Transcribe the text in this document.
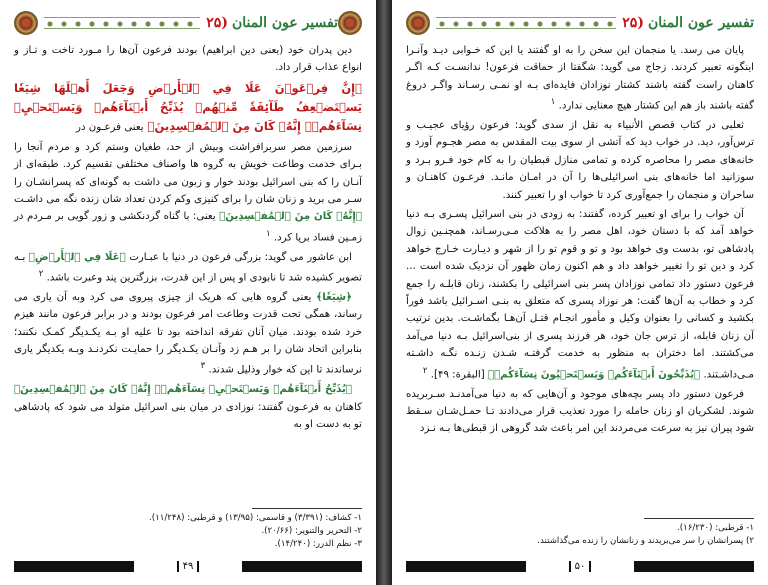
تفسیر عون المنان
(۲۵

دین پدران خود (یعنی دین ابراهیم) بودند فرعون آن‌ها را مـورد تاخت و تـاز و انواع عذاب قرار داد.

﴿إِنَّ فِرۡعَوۡنَ عَلَا فِي ٱلۡأَرۡضِ وَجَعَلَ أَهۡلَهَا شِيَعٗا يَسۡتَضۡعِفُ طَآئِفَةٗ مِّنۡهُمۡ يُذَبِّحُ أَبۡنَآءَهُمۡ وَيَسۡتَحۡيِۦ نِسَآءَهُمۡۚ إِنَّهُۥ كَانَ مِنَ ٱلۡمُفۡسِدِينَ﴾ یعنی فرعـون در

سرزمین مصر سربرافراشت وبیش از حد، طغیان وستم کرد و مردم آنجا را بـرای خدمت وطاعت خویش به گروه ها واصناف مختلفی تقسیم کرد. طبقه‌ای از آنـان را که بنی اسرائیل بودند خوار و زبون می داشت به گونه‌ای که پسرانشـان را سـر می برید و زنان شان را برای کنیزی وکم کردن تعداد شان زنده نگه می داشـت ﴿إِنَّهُۥ كَانَ مِنَ ٱلۡمُفۡسِدِينَ﴾ یعنی: با گناه گردنکشی و زور گویی بر مـردم در زمـین فساد برپا کرد. $^١$

ابن عاشور می گوید: بزرگی فرعون در دنیا با عبـارت ﴿عَلَا فِي ٱلۡأَرۡضِ﴾ بـه تصویر کشیده شد تا نابودی او پس از این قدرت، بزرگترین پند وعبرت باشد. $^٢$

﴿شِيَعٗا﴾ یعنی گروه هایی که هریک از چیزی پیروی می کرد وبه آن یاری می رساند، همگی تحت قدرت وطاعت امر فرعون بودند و در برابر فرعون مانند هیزم خرد شده بودند. میان آنان تفرقه انداخته بود تا علیه او بـه یکـدیگر کمـک نکنند؛ بنابراین اتحاد شان را بر هـم زد وآنـان یکـدیگر را حمایـت نکردنـد وبـه یکدیگر یاری نرساندند تا این که خوار وذلیل شدند. $^٣$

﴿يُذَبِّحُ أَبۡنَآءَهُمۡ وَيَسۡتَحۡيِۦ نِسَآءَهُمۡۚ إِنَّهُۥ كَانَ مِنَ ٱلۡمُفۡسِدِينَ﴾ کاهنان به فرعـون گفتند: نوزادی در میان بنی اسرائیل متولد می شود که پادشاهی تو به دست او به

۱- کشاف: (۳/۳۹۱) و قاسمی: (۱۳/۹۵) و قرطبی: (۱۱/۲۴۸).
۲- التحریر والتنویر: (۲۰/۶۶).
۳- نظم الدرر: (۱۴/۲۴۰).
۴۹
تفسیر عون المنان
(۲۵

پایان می رسد. یا منجمان این سخن را به او گفتند یا این که خـوابی دیـد وآنـرا اینگونه تعبیر کردند. زجاج می گوید: شگفتا از حماقت فرعون! ندانسـت کـه اگـر کاهنان راست گفته باشند کشتار نوزادان فایده‌ای بـه او نمـی رسـاند واگـر دروغ گفته باشند باز هم این کشتار هیچ معنایی ندارد. $^١$

ثعلبی در کتاب قصص الأنبیاء به نقل از سدی گوید: فرعون رؤیای عجیـب و ترس‌آور، دید. در خواب دید که آتشی از سوی بیت المقدس به مصر هجـوم آورد و خانه‌های مصر را محاصره کرده و تمامی منازل قبطیان را به کام خود فـرو بـرد و سوزانید اما خانه‌های بنی اسرائیلی‌ها را آن در امـان مانـد. فرعـون کاهنـان و ساحران و منجمان را جمع‌آوری کرد تا خواب او را تعبیر کنند.

آن خواب را برای او تعبیر کرده، گفتند: به زودی در بنی اسرائیل پسـری بـه دنیا خواهد آمد که با دستان خود، اهل مصر را به هلاکت مـی‌رسـاند، همچنـین زوال پادشاهی تو، بدست وی خواهد بود و تو و قوم تو را از شهر و دیـارت خـارج خواهد کرد و دین تو را تغییر خواهد داد و هم اکنون زمان ظهور آن نزدیک شده است ... فرعون دستور داد تمامی نوزادان پسر بنی اسرائیلی را بکشند، زنان قابلـه را جمع کرد و خطاب به آن‌ها گفت: هر نوزاد پسری که متعلق به بنـی اسـرائیل باشد فوراً بکشید و کسانی را بعنوان وکیل و مأمور انجـام قتـل آن‌هـا بگماشـت. بدین ترتیب آن زنان قابله، از ترس جان خود، هر فرزند پسری از بنی‌اسرائیل بـه دنیا می‌آمد می‌کشتند. اما دختران به منظور به خدمت گرفتـه شـدن زنـده نگـه داشـته مـی‌داشـتند. ﴿يُذَبِّحُونَ أَبۡنَآءَكُمۡ وَيَسۡتَحۡيُونَ نِسَآءَكُمۡ﴾ [البقرة: ۴۹]. $^٢$

فرعون دستور داد پسر بچه‌های موجود و آن‌هایی که به دنیا می‌آمدنـد سـربریده شوند. لشکریان او زنان حامله را مورد تعذیب قرار می‌دادند تـا حمـل‌شـان سـقط شود پیران نیز به سرعت می‌مردند این امر باعث شد گروهی از قبطی‌ها بـه نـزد

۱- قرطبی: (۱۶/۲۳۰).
۲) پسرانشان را سر می‌بریدند و زنانشان را زنده می‌گذاشتند.
۵۰
